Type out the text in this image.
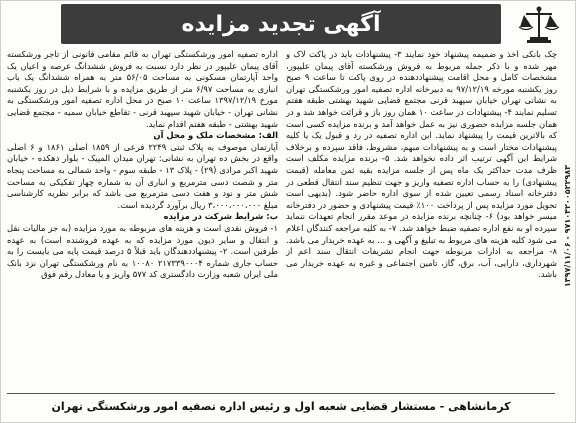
آگهی تجدید مزایده
۱۳۹۷/۱۱/۰۶ - ۹۷۱۰۴۲۰۰۵۲۲۹۸۳

اداره تصفیه امور ورشکستگی تهران به قائم مقامی قانونی از تاجر ورشکسته آقای پیمان علیپور در نظر دارد نسبت به فروش ششدانگ عرصه و اعیان یک واحد آپارتمان مسکونی به مساحت ۵۶/۰۵ متر به همراه ششدانگ یک باب انباری به مساحت ۶/۹۷ متر از طریق مزایده و با شرایط ذیل در روز یکشنبه مورخ ۱۳۹۷/۱۲/۱۹ ساعت ۱۰ صبح در محل اداره تصفیه امور ورشکستگی به نشانی تهران - خیابان شهید سپهبد قرنی - تقاطع خیابان سمیه - مجتمع قضایی شهید بهشتی - طبقه هفتم اقدام نماید.

الف: مشخصات ملک و محل آن

آپارتمان موصوف به پلاک ثبتی ۲۲۴۹ فرعی از ۱۸۵۹ اصلی ۱۸۶۱ و ۶ اصلی واقع در بخش ده تهران به نشانی: تهران میدان المپیک - بلوار دهکده - خیابان شهید اکبر مرادی (۲۹) - پلاک ۱۳ - طبقه سوم - واحد شمالی به مساحت پنجاه متر و شصت دسی مترمربع و انباری آن به شماره چهار تفکیکی به مساحت شش متر و نود و هفت دسی مترمربع می باشد که برابر نظریه کارشناسی مبلغ ۳،۰۰۰،۰۰۰،۰۰۰ ریال برآورد گردیده است.

ب: شرایط شرکت در مزایده

۱- فروش نقدی است و هزینه های مربوطه به مورد مزایده (به جز مالیات نقل و انتقال و سایر دیون مورد مزایده که به عهده فروشنده است) به عهده طرفین است. ۲- پیشنهاددهندگان باید قبلاً ۵ درصد قیمت پایه می بایست را به حساب جاری شماره ۲۱۷۳۳۹۰۰۰۴ ۱۰۰۸۰ به نام ورشکستگی تهران نزد بانک ملی ایران شعبه وزارت دادگستری کد ۵۷۷ واریز و یا معادل رقم فوق

چک بانکی اخذ و ضمیمه پیشنهاد خود نمایند ۳- پیشنهادات باید در پاکت لاک و مهر شده و با ذکر جمله مربوط به فروش ورشکسته آقای پیمان علیپور، مشخصات کامل و محل اقامت پیشنهاددهنده در روی پاکت تا ساعت ۹ صبح روز یکشنبه مورخه ۹۷/۱۲/۱۹ به دبیرخانه اداره تصفیه امور ورشکستگی تهران به نشانی تهران خیابان سپهبد قرنی مجتمع قضایی شهید بهشتی طبقه هفتم تسلیم نمایند ۴- پیشنهادات در ساعت ۱۰ همان روز باز و قرائت خواهد شد و در همان جلسه مزایده حضوری نیز به عمل خواهد آمد و برنده مزایده کسی است که بالاترین قیمت را پیشنهاد نماید. این اداره تصفیه در رد و قبول یک یا کلیه پیشنهادات مختار است و به پیشنهادات مبهم، مشروط، فاقد سپرده و برخلاف شرایط این آگهی ترتیب اثر داده نخواهد شد. ۵- برنده مزایده مکلف است ظرف مدت حداکثر یک ماه پس از جلسه مزایده بقیه ثمن معامله (قیمت پیشنهادی) را به حساب اداره تصفیه واریز و جهت تنظیم سند انتقال قطعی در دفترخانه اسناد رسمی تعیین شده از سوی اداره حاضر شود. (بدیهی است تحویل مورد مزایده پس از پرداخت ۱۰۰٪ قیمت پیشنهادی و حضور در دفترخانه میسر خواهد بود) ۶- چنانچه برنده مزایده در موعد مقرر انجام تعهدات ننماید سپرده او به نفع اداره تصفیه ضبط خواهد شد. ۷- به کلیه مراجعه کنندگان اعلام می شود کلیه هزینه های مربوط به تبلیغ و آگهی و ... به عهده خریدار می باشد. ۸- مراجعه به ادارات مربوطه جهت انجام تشریفات انتقال سند اعم از شهرداری، دارایی، آب، برق، گاز، تامین اجتماعی و غیره به عهده خریدار می باشد.

کرمانشاهی - مستشار قضایی شعبه اول و رئیس اداره تصفیه امور ورشکستگی تهران
